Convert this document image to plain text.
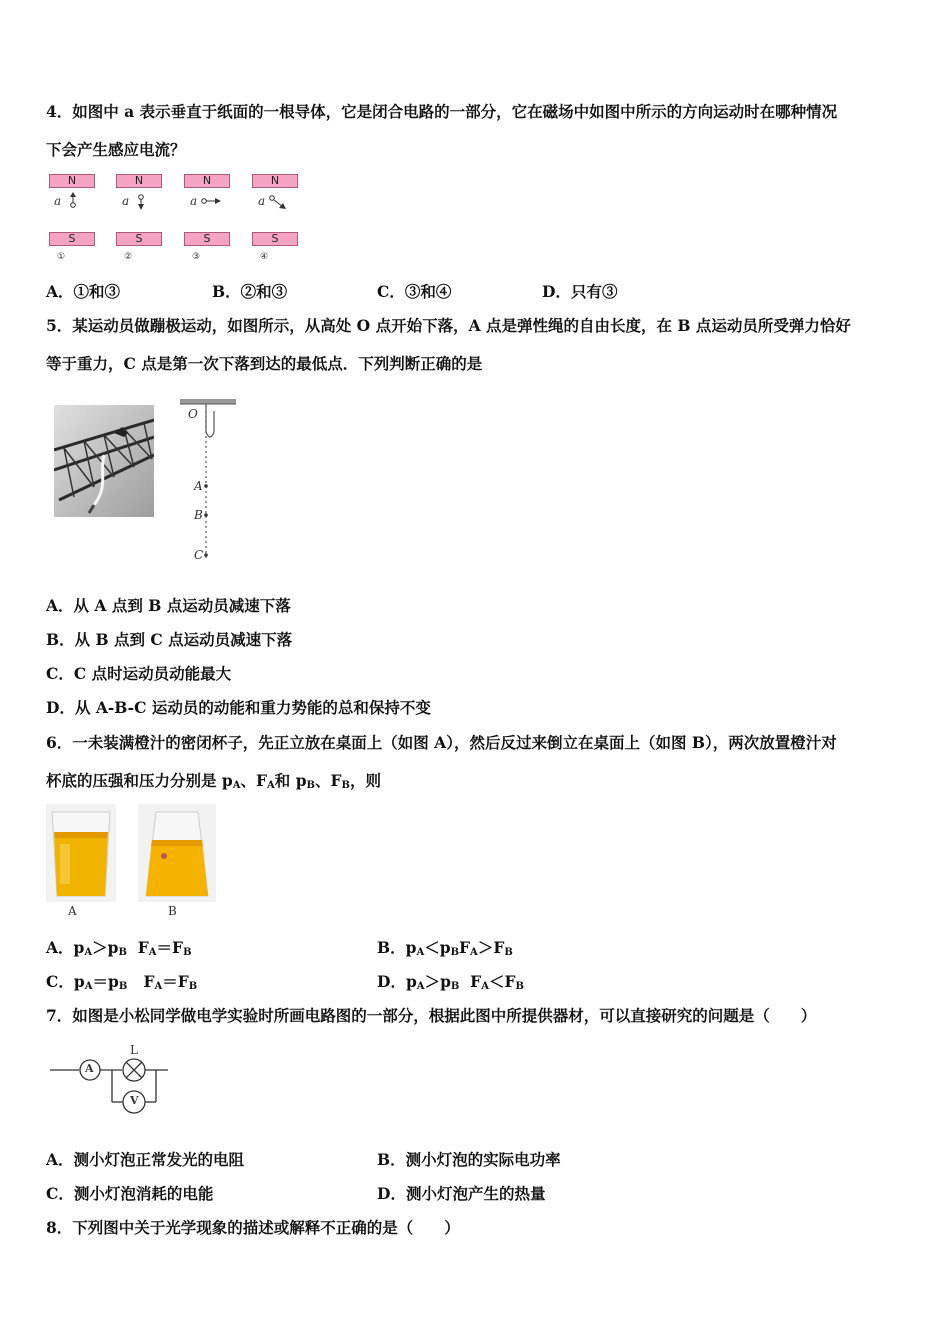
4．如图中 a 表示垂直于纸面的一根导体，它是闭合电路的一部分，它在磁场中如图中所示的方向运动时在哪种情况
下会产生感应电流？
N
a
S
①
N
a
S
②
N
a
S
③
N
a
S
④
A．①和③	B．②和③	C．③和④	D．只有③
5．某运动员做蹦极运动，如图所示，从高处 O 点开始下落，A 点是弹性绳的自由长度，在 B 点运动员所受弹力恰好
等于重力，C 点是第一次下落到达的最低点．下列判断正确的是
O
A
B
C
A．从 A 点到 B 点运动员减速下落
B．从 B 点到 C 点运动员减速下落
C．C 点时运动员动能最大
D．从 A-B-C 运动员的动能和重力势能的总和保持不变
6．一未装满橙汁的密闭杯子，先正立放在桌面上（如图 A），然后反过来倒立在桌面上（如图 B），两次放置橙汁对
杯底的压强和压力分别是 $p_A$、$F_A$和 $p_B$、$F_B$，则
A	B
A．$p_A>p_B$ $F_A=F_B$	B．$p_A<p_BF_A>F_B$
C．$p_A=p_B$ $F_A=F_B$	D．$p_A>p_B$ $F_A<F_B$
7．如图是小松同学做电学实验时所画电路图的一部分，根据此图中所提供器材，可以直接研究的问题是（　　）
A
L
V
A．测小灯泡正常发光的电阻	B．测小灯泡的实际电功率
C．测小灯泡消耗的电能	D．测小灯泡产生的热量
8．下列图中关于光学现象的描述或解释不正确的是（　　）
